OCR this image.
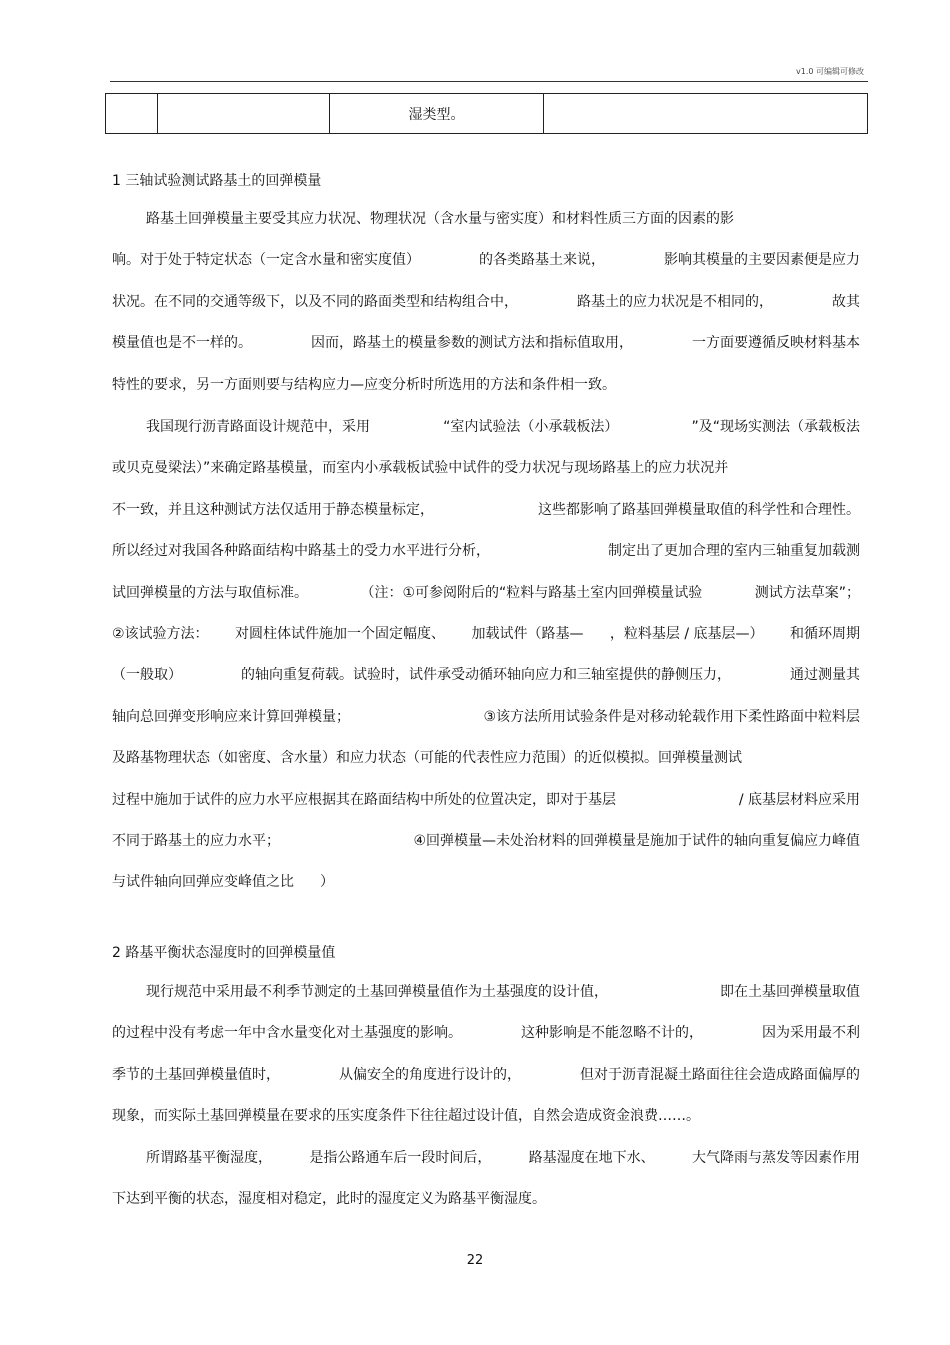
v1.0 可编辑可修改
		湿类型。	
1 三轴试验测试路基土的回弹模量
路基土回弹模量主要受其应力状况、物理状况（含水量与密实度）和材料性质三方面的因素的影
响。对于处于特定状态（一定含水量和密实度值）	的各类路基土来说，	影响其模量的主要因素便是应力
状况。在不同的交通等级下，以及不同的路面类型和结构组合中，	路基土的应力状况是不相同的，	故其
模量值也是不一样的。	因而，路基土的模量参数的测试方法和指标值取用，	一方面要遵循反映材料基本
特性的要求，另一方面则要与结构应力—应变分析时所选用的方法和条件相一致。
我国现行沥青路面设计规范中，采用	“室内试验法（小承载板法）	”及“现场实测法（承载板法
或贝克曼梁法）”来确定路基模量，而室内小承载板试验中试件的受力状况与现场路基上的应力状况并
不一致，并且这种测试方法仅适用于静态模量标定，	这些都影响了路基回弹模量取值的科学性和合理性。
所以经过对我国各种路面结构中路基土的受力水平进行分析，	制定出了更加合理的室内三轴重复加载测
试回弹模量的方法与取值标准。	（注：①可参阅附后的“粒料与路基土室内回弹模量试验	测试方法草案”；
②该试验方法： 对圆柱体试件施加一个固定幅度、 加载试件（路基— ，粒料基层 / 底基层—） 和循环周期
（一般取）	的轴向重复荷载。试验时，试件承受动循环轴向应力和三轴室提供的静侧压力，	通过测量其
轴向总回弹变形响应来计算回弹模量；	③该方法所用试验条件是对移动轮载作用下柔性路面中粒料层
及路基物理状态（如密度、含水量）和应力状态（可能的代表性应力范围）的近似模拟。回弹模量测试
过程中施加于试件的应力水平应根据其在路面结构中所处的位置决定，即对于基层	/ 底基层材料应采用
不同于路基土的应力水平；	④回弹模量—未处治材料的回弹模量是施加于试件的轴向重复偏应力峰值
与试件轴向回弹应变峰值之比 ）
2 路基平衡状态湿度时的回弹模量值
现行规范中采用最不利季节测定的土基回弹模量值作为土基强度的设计值，	即在土基回弹模量取值
的过程中没有考虑一年中含水量变化对土基强度的影响。	这种影响是不能忽略不计的，	因为采用最不利
季节的土基回弹模量值时，	从偏安全的角度进行设计的，	但对于沥青混凝土路面往往会造成路面偏厚的
现象，而实际土基回弹模量在要求的压实度条件下往往超过设计值，自然会造成资金浪费……。
所谓路基平衡湿度，	是指公路通车后一段时间后，	路基湿度在地下水、	大气降雨与蒸发等因素作用
下达到平衡的状态，湿度相对稳定，此时的湿度定义为路基平衡湿度。
22
